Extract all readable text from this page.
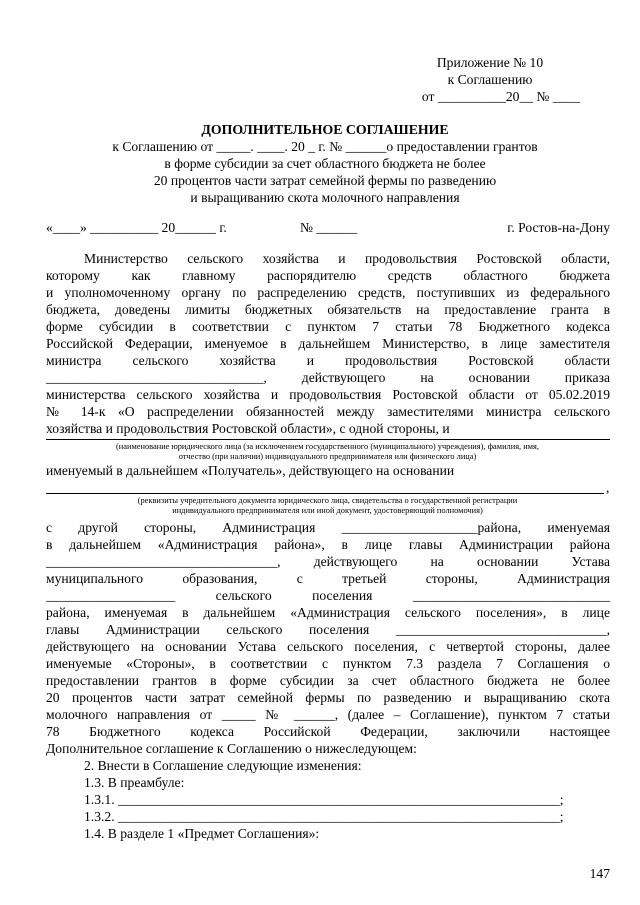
Приложение № 10
к Соглашению
от __________20__ № ____
ДОПОЛНИТЕЛЬНОЕ СОГЛАШЕНИЕ
к Соглашению от _____. ____. 20 _ г. № ______о предоставлении грантов
в форме субсидии за счет областного бюджета не более
20 процентов части затрат семейной фермы по разведению
и выращиванию скота молочного направления
«____» __________ 20______ г.	№ ______	г. Ростов-на-Дону
Министерство сельского хозяйства и продовольствия Ростовской области,
которому как главному распорядителю средств областного бюджета
и уполномоченному органу по распределению средств, поступивших из федерального
бюджета, доведены лимиты бюджетных обязательств на предоставление гранта в
форме субсидии в соответствии с пунктом 7 статьи 78 Бюджетного кодекса
Российской Федерации, именуемое в дальнейшем Министерство, в лице заместителя
министра сельского хозяйства и продовольствия Ростовской области
________________________________, действующего на основании приказа
министерства сельского хозяйства и продовольствия Ростовской области от 05.02.2019
№ 14-к «О распределении обязанностей между заместителями министра сельского
хозяйства и продовольствия Ростовской области», с одной стороны, и
(наименование юридического лица (за исключением государственного (муниципального) учреждения), фамилия, имя,
отчество (при наличии) индивидуального предпринимателя или физического лица)
именуемый в дальнейшем «Получатель», действующего на основании
,
(реквизиты учредительного документа юридического лица, свидетельства о государственной регистрации
индивидуального предпринимателя или иной документ, удостоверяющий полномочия)
с другой стороны, Администрация ____________________района, именуемая
в дальнейшем «Администрация района», в лице главы Администрации района
__________________________________, действующего на основании Устава
муниципального образования, с третьей стороны, Администрация
___________________ сельского поселения _____________________________
района, именуемая в дальнейшем «Администрация сельского поселения», в лице
главы Администрации сельского поселения _______________________________,
действующего на основании Устава сельского поселения, с четвертой стороны, далее
именуемые «Стороны», в соответствии с пунктом 7.3 раздела 7 Соглашения о
предоставлении грантов в форме субсидии за счет областного бюджета не более
20 процентов части затрат семейной фермы по разведению и выращиванию скота
молочного направления от _____ № ______, (далее – Соглашение), пунктом 7 статьи
78 Бюджетного кодекса Российской Федерации, заключили настоящее
Дополнительное соглашение к Соглашению о нижеследующем:
2. Внести в Соглашение следующие изменения:
1.3. В преамбуле:
1.3.1. _________________________________________________________________;
1.3.2. _________________________________________________________________;
1.4. В разделе 1 «Предмет Соглашения»:
147
